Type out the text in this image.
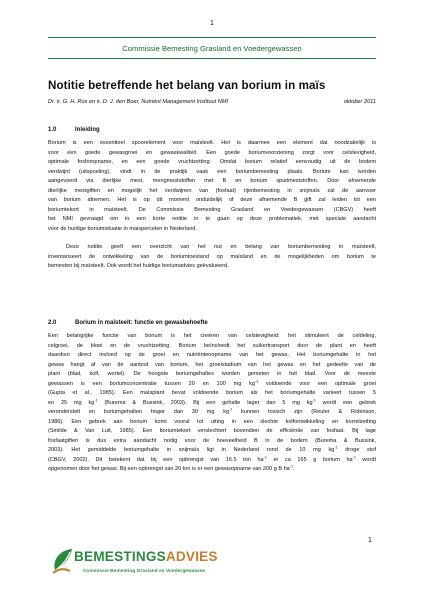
1
Commissie Bemesting Grasland en Voedergewassen
Notitie betreffende het belang van borium in maïs
Dr. ir. G. H. Ros en ir. D. J. den Boer, Nutriënt Management Instituut NMI	oktober 2011
1.0	Inleiding
Borium is een essentieel spoorelement voor maïsteelt. Het is daarmee een element dat noodzakelijk is
voor een goede gewasgroei en gewaskwaliteit. Een goede boriumvoorziening zorgt voor celstevigheid,
optimale fosforopname, en een goede vruchtzetting. Omdat borium relatief eenvoudig uit de bodem
verdwijnt (uitspoeling), vindt in de praktijk vaak een boriumbemesting plaats. Borium kan worden
aangevoerd via dierlijke mest, mengmeststoffen met B en borium spuitmeststoffen. Door afnemende
dierlijke mestgiften en mogelijk het verdwijnen van (fosfaat) rijenbemesting in snijmaïs zal de aanvoer
van borium afnemen. Het is op dit moment onduidelijk of deze afnemende B gift zal leiden tot een
boriumtekort in maïsteelt. De Commissie Bemesting Grasland en Voedergewassen (CBGV) heeft
het NMI gevraagd om in een korte notitie in te gaan op deze problematiek, met speciale aandacht
voor de huidige boriumsituatie in maispercelen in Nederland.
Deze notitie geeft een overzicht van het nut en belang van boriumbemesting in maïsteelt,
inventariseert de ontwikkeling van de boriumtoestand op maïsland en de mogelijkheden om borium te
bemesten bij maïsteelt. Ook wordt het huidige boriumadvies geëvalueerd.
2.0	Borium in maïsteelt: functie en gewasbehoefte
Een belangrijke functie van borium is het creëren van celstevigheid; het stimuleert de celdeling,
celgroei, de bloei en de vruchtzetting. Borium beïnvloedt het suikertransport door de plant en heeft
daardoor direct invloed op de groei en nutriëntenopname van het gewas. Het boriumgehalte in het
gewas hangt af van de aanbod van borium, het groeistadium van het gewas en het gedeelte van de
plant (blad, kolf, wortel). De hoogste boriumgehaltes worden gemeten in het blad. Voor de meeste
gewassen is een boriumconcentratie tussen 20 en 100 mg $kg^{-1}$ voldoende voor een optimale groei
(Gupta et al., 1985). Een maïsplant bevat voldoende borium als het boriumgehalte varieert tussen 5
en 25 mg $kg^{-1}$ (Burema & Bussink, 2003). Bij een gehalte lager dan 5 mg $kg^{-1}$ wordt een gebrek
veronderstelt en boriumgehalten hoger dan 30 mg $kg^{-1}$ kunnen toxisch zijn (Reuter & Robinson,
1986). Een gebrek aan borium komt vooral tot uiting in een slechte kolfontwikkeling en korrelzetting
(Smilde & Van Luit, 1985). Een boriumtekort verslechtert bovendien de efficiëntie van fosfaat. Bij lage
fosfaatgiften is dus extra aandacht nodig voor de hoeveelheid B in de bodem (Burema & Bussink,
2003). Het gemiddelde boriumgehalte in snijmaïs ligt in Nederland rond de 10 mg $kg^{-1}$ droge stof
(CBGV, 2002). Dit betekent dat bij een opbrengst van 16.5 ton $ha^{-1}$ er ca 165 g borium $ha^{-1}$ wordt
opgenomen door het gewas. Bij een opbrengst van 20 ton is er een gewasopname van 200 g B $ha^{-1}$.
1
BEMESTINGSADVIES
Commissie Bemesting Grasland en Voedergewassen
